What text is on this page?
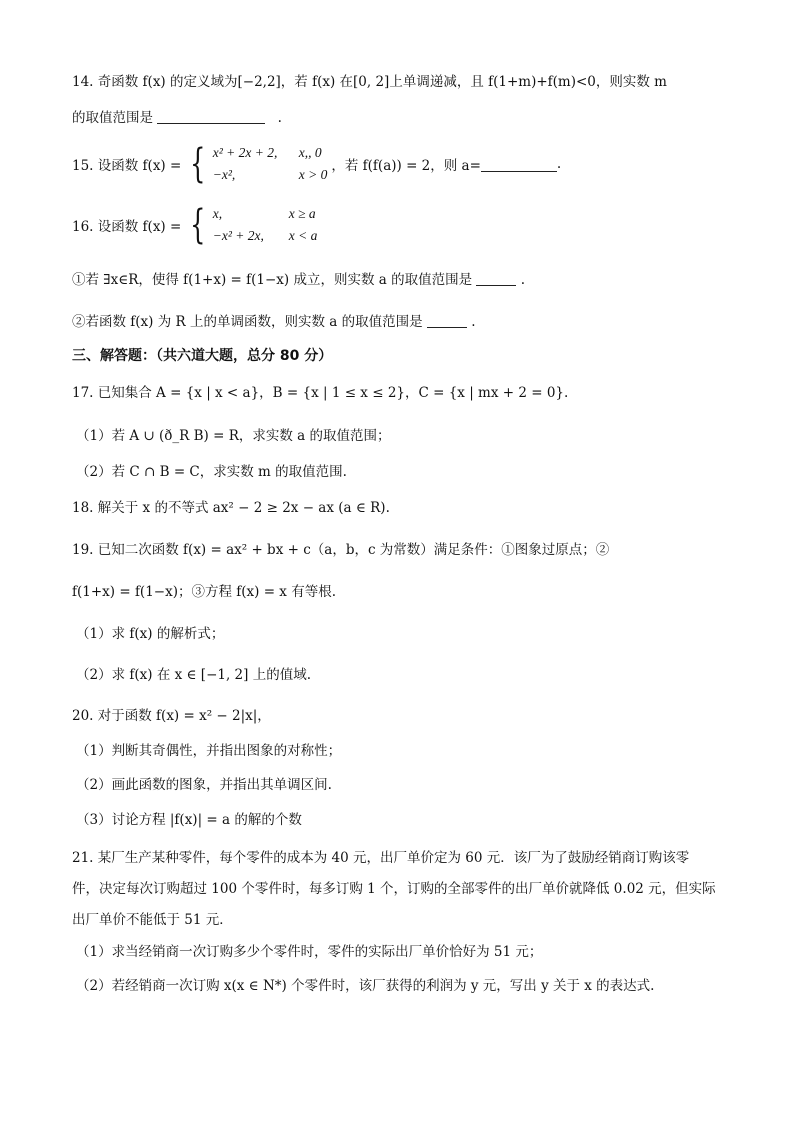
14. 奇函数 f(x) 的定义域为[−2,2]，若 f(x) 在[0, 2]上单调递减，且 f(1+m)+f(m)<0，则实数 m
的取值范围是	.
15. 设函数 f(x) = { x² + 2x + 2,	x,, 0
−x²,	x > 0
，若 f(f(a)) = 2，则 a=	.
16. 设函数 f(x) = { x,	x ≥ a
−x² + 2x,	x < a
①若 ∃x∈R，使得 f(1+x) = f(1−x) 成立，则实数 a 的取值范围是	.
②若函数 f(x) 为 R 上的单调函数，则实数 a 的取值范围是	.
三、解答题：（共六道大题，总分 80 分）
17. 已知集合 A = {x | x < a}，B = {x | 1 ≤ x ≤ 2}，C = {x | mx + 2 = 0}.
（1）若 A ∪ (ð_R B) = R，求实数 a 的取值范围；
（2）若 C ∩ B = C，求实数 m 的取值范围.
18. 解关于 x 的不等式 ax² − 2 ≥ 2x − ax (a ∈ R).
19. 已知二次函数 f(x) = ax² + bx + c（a，b，c 为常数）满足条件：①图象过原点；②
f(1+x) = f(1−x)；③方程 f(x) = x 有等根.
（1）求 f(x) 的解析式；
（2）求 f(x) 在 x ∈ [−1, 2] 上的值域.
20. 对于函数 f(x) = x² − 2|x|，
（1）判断其奇偶性，并指出图象的对称性；
（2）画此函数的图象，并指出其单调区间.
（3）讨论方程 |f(x)| = a 的解的个数
21. 某厂生产某种零件，每个零件的成本为 40 元，出厂单价定为 60 元．该厂为了鼓励经销商订购该零
件，决定每次订购超过 100 个零件时，每多订购 1 个，订购的全部零件的出厂单价就降低 0.02 元，但实际
出厂单价不能低于 51 元．
（1）求当经销商一次订购多少个零件时，零件的实际出厂单价恰好为 51 元；
（2）若经销商一次订购 x(x ∈ N*) 个零件时，该厂获得的利润为 y 元，写出 y 关于 x 的表达式.
